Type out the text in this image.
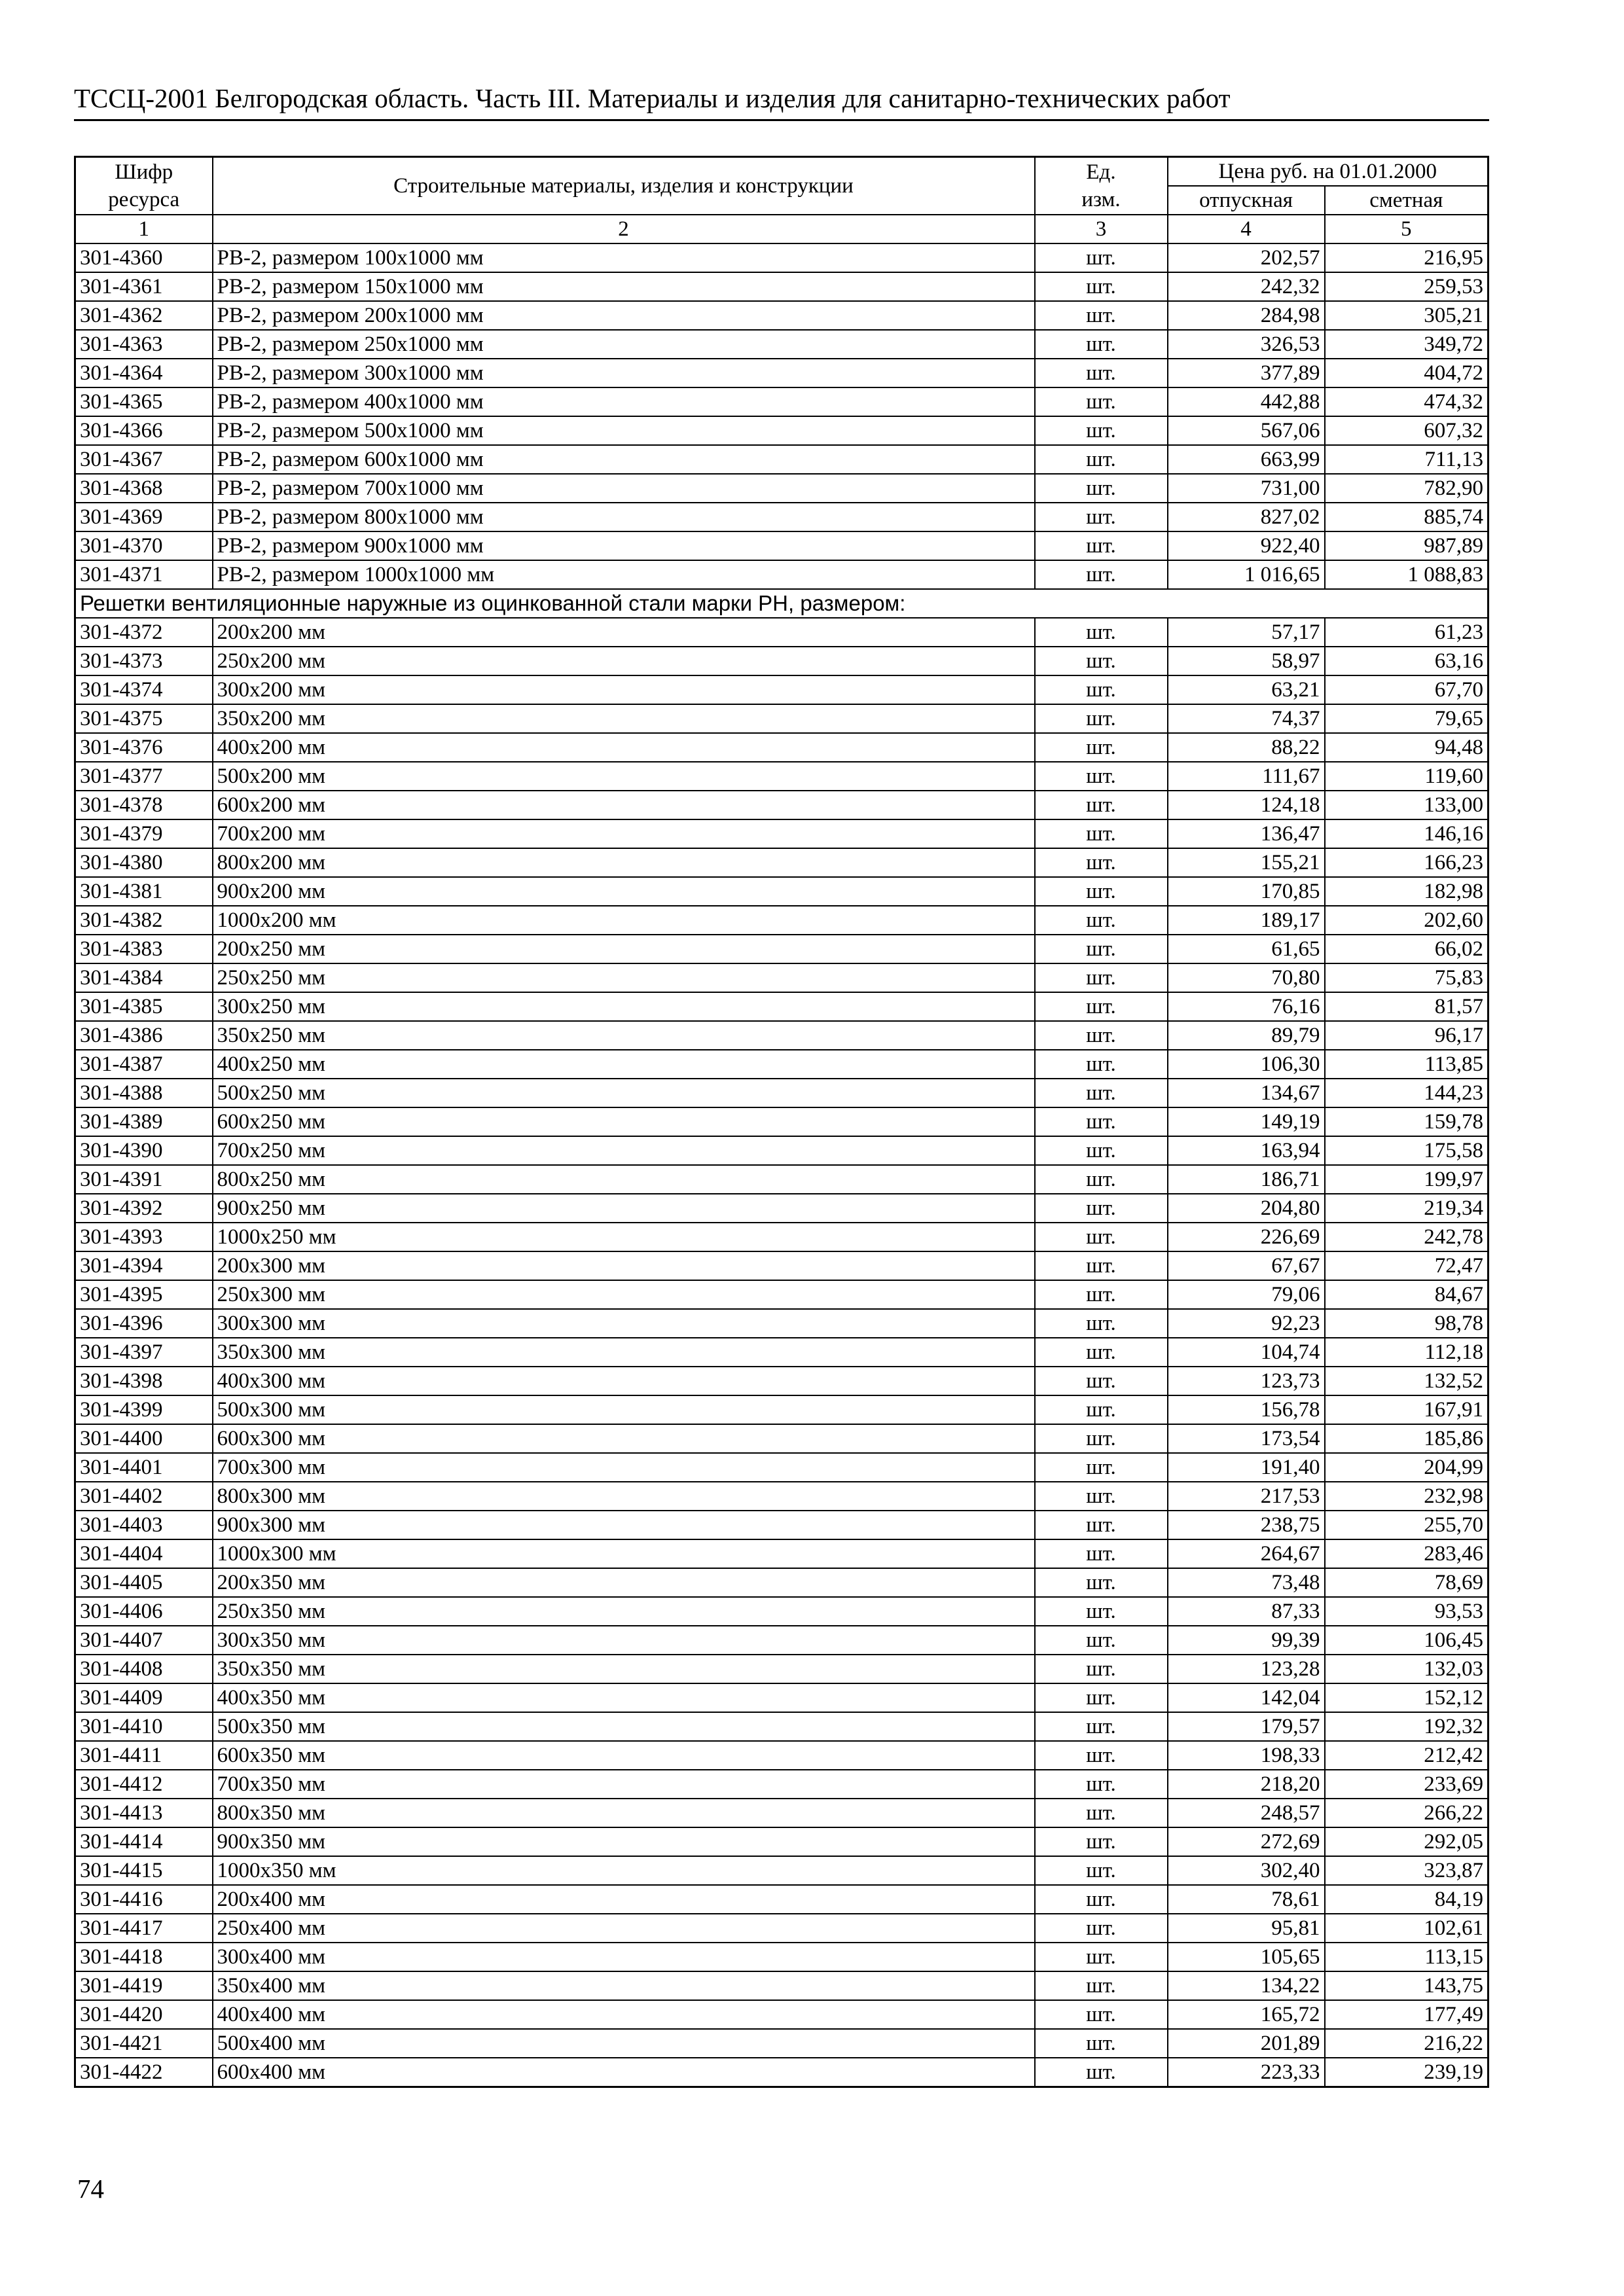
ТССЦ-2001 Белгородская область. Часть III. Материалы и изделия для санитарно-технических работ
Шифр ресурса	Строительные материалы, изделия и конструкции	Ед. изм.	Цена руб. на 01.01.2000	
			отпускная	сметная
1	2	3	4	5
301-4360	РВ-2, размером 100х1000 мм	шт.	202,57	216,95
301-4361	РВ-2, размером 150х1000 мм	шт.	242,32	259,53
301-4362	РВ-2, размером 200х1000 мм	шт.	284,98	305,21
301-4363	РВ-2, размером 250х1000 мм	шт.	326,53	349,72
301-4364	РВ-2, размером 300х1000 мм	шт.	377,89	404,72
301-4365	РВ-2, размером 400х1000 мм	шт.	442,88	474,32
301-4366	РВ-2, размером 500х1000 мм	шт.	567,06	607,32
301-4367	РВ-2, размером 600х1000 мм	шт.	663,99	711,13
301-4368	РВ-2, размером 700х1000 мм	шт.	731,00	782,90
301-4369	РВ-2, размером 800х1000 мм	шт.	827,02	885,74
301-4370	РВ-2, размером 900х1000 мм	шт.	922,40	987,89
301-4371	РВ-2, размером 1000х1000 мм	шт.	1 016,65	1 088,83
Решетки вентиляционные наружные из оцинкованной стали марки РН, размером:				
301-4372	200х200 мм	шт.	57,17	61,23
301-4373	250х200 мм	шт.	58,97	63,16
301-4374	300х200 мм	шт.	63,21	67,70
301-4375	350х200 мм	шт.	74,37	79,65
301-4376	400х200 мм	шт.	88,22	94,48
301-4377	500х200 мм	шт.	111,67	119,60
301-4378	600х200 мм	шт.	124,18	133,00
301-4379	700х200 мм	шт.	136,47	146,16
301-4380	800х200 мм	шт.	155,21	166,23
301-4381	900х200 мм	шт.	170,85	182,98
301-4382	1000х200 мм	шт.	189,17	202,60
301-4383	200х250 мм	шт.	61,65	66,02
301-4384	250х250 мм	шт.	70,80	75,83
301-4385	300х250 мм	шт.	76,16	81,57
301-4386	350х250 мм	шт.	89,79	96,17
301-4387	400х250 мм	шт.	106,30	113,85
301-4388	500х250 мм	шт.	134,67	144,23
301-4389	600х250 мм	шт.	149,19	159,78
301-4390	700х250 мм	шт.	163,94	175,58
301-4391	800х250 мм	шт.	186,71	199,97
301-4392	900х250 мм	шт.	204,80	219,34
301-4393	1000х250 мм	шт.	226,69	242,78
301-4394	200х300 мм	шт.	67,67	72,47
301-4395	250х300 мм	шт.	79,06	84,67
301-4396	300х300 мм	шт.	92,23	98,78
301-4397	350х300 мм	шт.	104,74	112,18
301-4398	400х300 мм	шт.	123,73	132,52
301-4399	500х300 мм	шт.	156,78	167,91
301-4400	600х300 мм	шт.	173,54	185,86
301-4401	700х300 мм	шт.	191,40	204,99
301-4402	800х300 мм	шт.	217,53	232,98
301-4403	900х300 мм	шт.	238,75	255,70
301-4404	1000х300 мм	шт.	264,67	283,46
301-4405	200х350 мм	шт.	73,48	78,69
301-4406	250х350 мм	шт.	87,33	93,53
301-4407	300х350 мм	шт.	99,39	106,45
301-4408	350х350 мм	шт.	123,28	132,03
301-4409	400х350 мм	шт.	142,04	152,12
301-4410	500х350 мм	шт.	179,57	192,32
301-4411	600х350 мм	шт.	198,33	212,42
301-4412	700х350 мм	шт.	218,20	233,69
301-4413	800х350 мм	шт.	248,57	266,22
301-4414	900х350 мм	шт.	272,69	292,05
301-4415	1000х350 мм	шт.	302,40	323,87
301-4416	200х400 мм	шт.	78,61	84,19
301-4417	250х400 мм	шт.	95,81	102,61
301-4418	300х400 мм	шт.	105,65	113,15
301-4419	350х400 мм	шт.	134,22	143,75
301-4420	400х400 мм	шт.	165,72	177,49
301-4421	500х400 мм	шт.	201,89	216,22
301-4422	600х400 мм	шт.	223,33	239,19
74
